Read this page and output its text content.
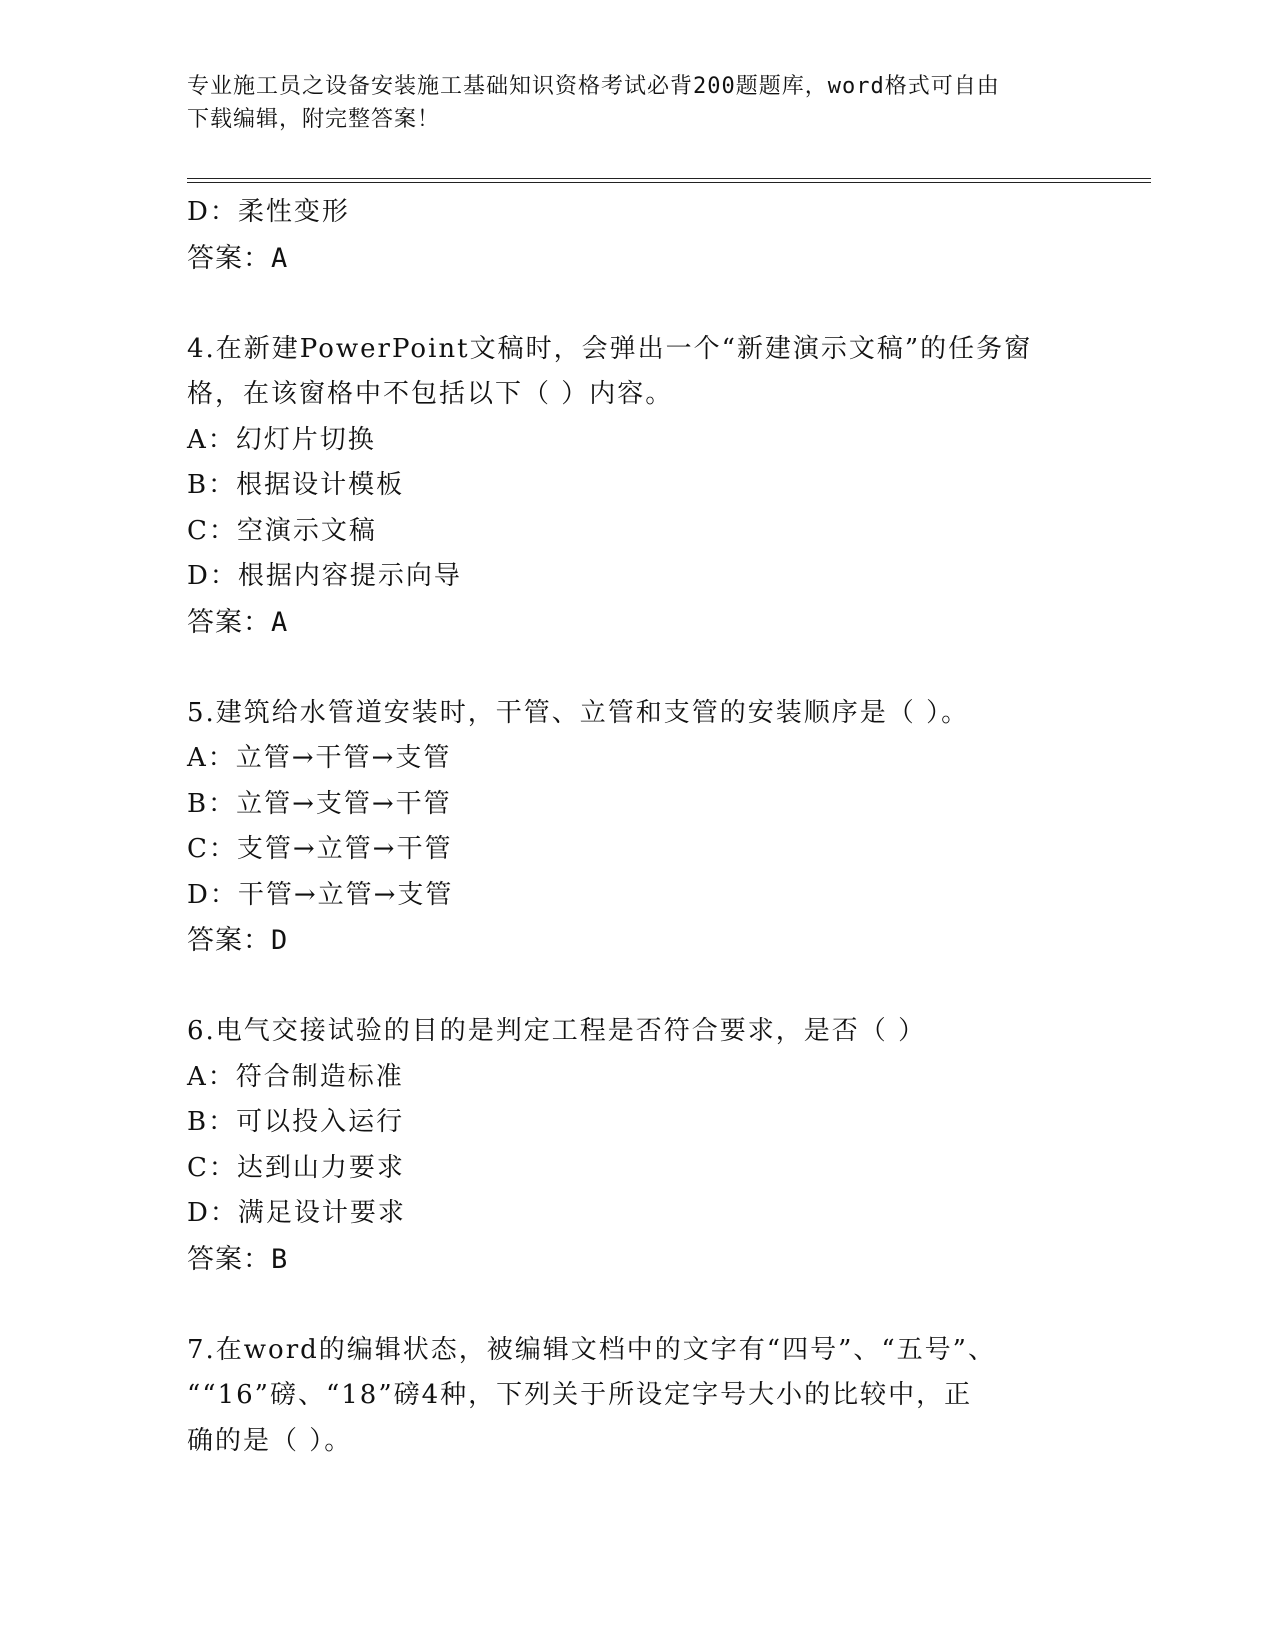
专业施工员之设备安装施工基础知识资格考试必背200题题库，word格式可自由
下载编辑，附完整答案！
D：柔性变形
答案：A
4.在新建PowerPoint文稿时，会弹出一个“新建演示文稿”的任务窗
格，在该窗格中不包括以下（ ）内容。
A：幻灯片切换
B：根据设计模板
C：空演示文稿
D：根据内容提示向导
答案：A
5.建筑给水管道安装时，干管、立管和支管的安装顺序是（ ）。
A：立管→干管→支管
B：立管→支管→干管
C：支管→立管→干管
D：干管→立管→支管
答案：D
6.电气交接试验的目的是判定工程是否符合要求，是否（ ）
A：符合制造标准
B：可以投入运行
C：达到山力要求
D：满足设计要求
答案：B
7.在word的编辑状态，被编辑文档中的文字有“四号”、“五号”、
““16”磅、“18”磅4种，下列关于所设定字号大小的比较中，正
确的是（ ）。
